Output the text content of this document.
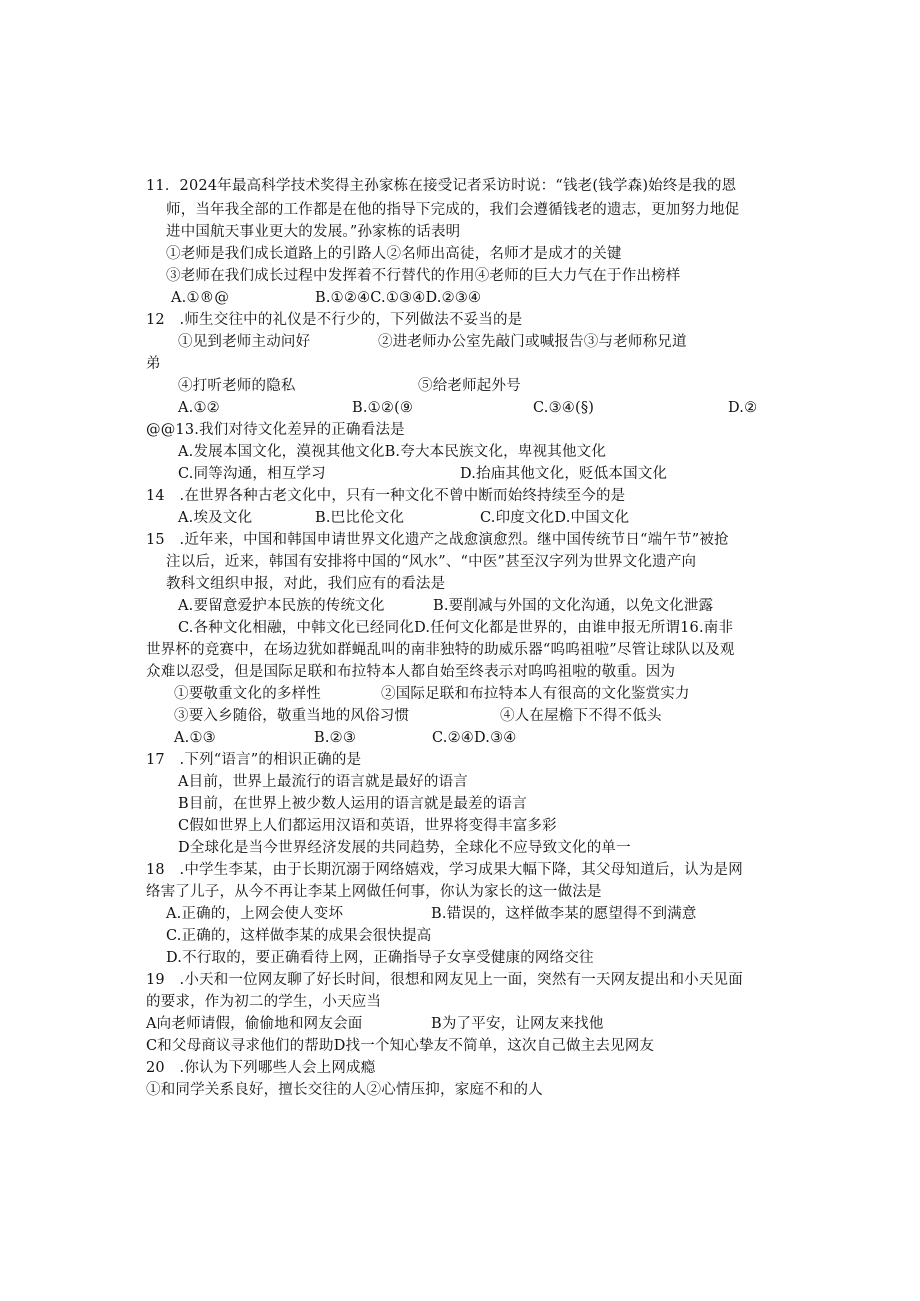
11．2024年最高科学技术奖得主孙家栋在接受记者采访时说：“钱老(钱学森)始终是我的恩
师，当年我全部的工作都是在他的指导下完成的，我们会遵循钱老的遗志，更加努力地促
进中国航天事业更大的发展。”孙家栋的话表明
①老师是我们成长道路上的引路人②名师出高徒，名师才是成才的关键
③老师在我们成长过程中发挥着不行替代的作用④老师的巨大力气在于作出榜样
A.①®@	B.①②④C.①③④D.②③④
12　.师生交往中的礼仪是不行少的，下列做法不妥当的是
①见到老师主动问好	②进老师办公室先敲门或喊报告③与老师称兄道
弟
④打听老师的隐私	⑤给老师起外号
A.①②	B.①②(⑨	C.③④(§)	D.②
@@13.我们对待文化差异的正确看法是
A.发展本国文化，漠视其他文化B.夸大本民族文化，卑视其他文化
C.同等沟通，相互学习	D.抬庙其他文化，贬低本国文化
14　.在世界各种古老文化中，只有一种文化不曾中断而始终持续至今的是
A.埃及文化	B.巴比伦文化	C.印度文化D.中国文化
15　.近年来，中国和韩国申请世界文化遗产之战愈演愈烈。继中国传统节日“端午节”被抢
注以后，近来，韩国有安排将中国的“风水”、“中医”甚至汉字列为世界文化遗产向
教科文组织申报，对此，我们应有的看法是
A.要留意爱护本民族的传统文化	B.要削减与外国的文化沟通，以免文化泄露
C.各种文化相融，中韩文化已经同化D.任何文化都是世界的，由谁申报无所谓16.南非
世界杯的竞赛中，在场边犹如群蝇乱叫的南非独特的助威乐器“呜呜祖啦”尽管让球队以及观
众难以忍受，但是国际足联和布拉特本人都自始至终表示对呜呜祖啦的敬重。因为
①要敬重文化的多样性	②国际足联和布拉特本人有很高的文化鉴赏实力
③要入乡随俗，敬重当地的风俗习惯	④人在屋檐下不得不低头
A.①③	B.②③	C.②④D.③④
17　.下列“语言”的相识正确的是
A目前，世界上最流行的语言就是最好的语言
B目前，在世界上被少数人运用的语言就是最差的语言
C假如世界上人们都运用汉语和英语，世界将变得丰富多彩
D全球化是当今世界经济发展的共同趋势，全球化不应导致文化的单一
18　.中学生李某，由于长期沉溺于网络嬉戏，学习成果大幅下降，其父母知道后，认为是网
络害了儿子，从今不再让李某上网做任何事，你认为家长的这一做法是
A.正确的，上网会使人变坏	B.错误的，这样做李某的愿望得不到满意
C.正确的，这样做李某的成果会很快提高
D.不行取的，要正确看待上网，正确指导子女享受健康的网络交往
19　.小天和一位网友聊了好长时间，很想和网友见上一面，突然有一天网友提出和小天见面
的要求，作为初二的学生，小天应当
A向老师请假，偷偷地和网友会面	B为了平安，让网友来找他
C和父母商议寻求他们的帮助D找一个知心挚友不简单，这次自己做主去见网友
20　.你认为下列哪些人会上网成瘾
①和同学关系良好，擅长交往的人②心情压抑，家庭不和的人
